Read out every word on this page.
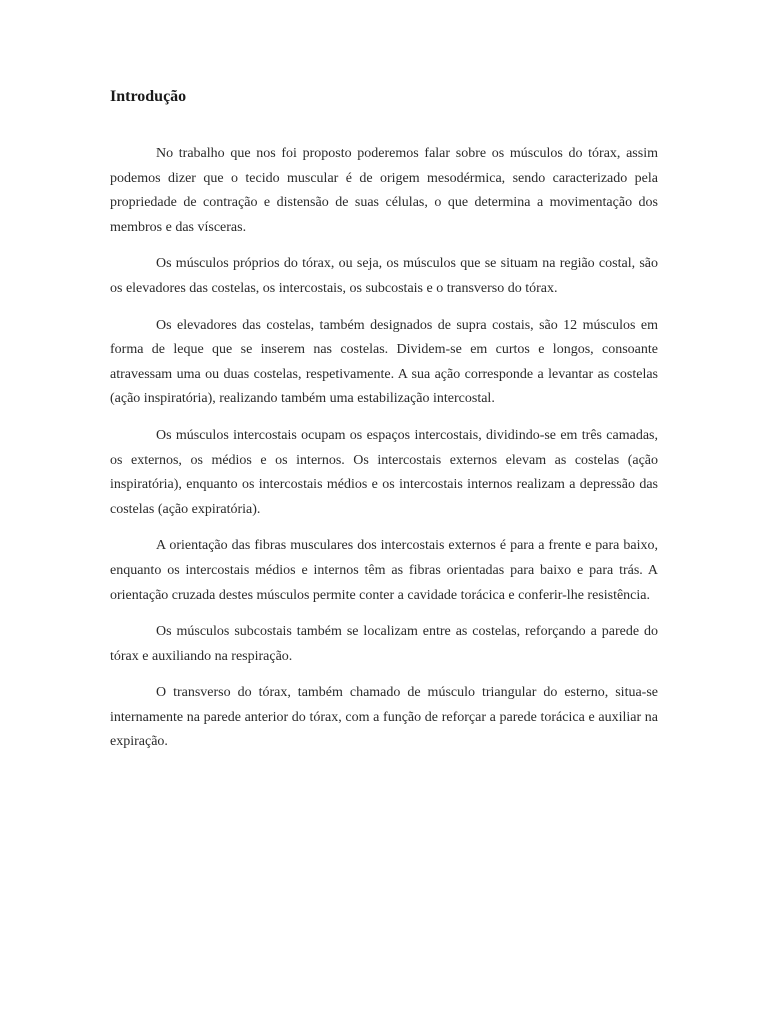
Introdução

No trabalho que nos foi proposto poderemos falar sobre os músculos do tórax, assim podemos dizer que o tecido muscular é de origem mesodérmica, sendo caracterizado pela propriedade de contração e distensão de suas células, o que determina a movimentação dos membros e das vísceras.

Os músculos próprios do tórax, ou seja, os músculos que se situam na região costal, são os elevadores das costelas, os intercostais, os subcostais e o transverso do tórax.

Os elevadores das costelas, também designados de supra costais, são 12 músculos em forma de leque que se inserem nas costelas. Dividem-se em curtos e longos, consoante atravessam uma ou duas costelas, respetivamente. A sua ação corresponde a levantar as costelas (ação inspiratória), realizando também uma estabilização intercostal.

Os músculos intercostais ocupam os espaços intercostais, dividindo-se em três camadas, os externos, os médios e os internos. Os intercostais externos elevam as costelas (ação inspiratória), enquanto os intercostais médios e os intercostais internos realizam a depressão das costelas (ação expiratória).

A orientação das fibras musculares dos intercostais externos é para a frente e para baixo, enquanto os intercostais médios e internos têm as fibras orientadas para baixo e para trás. A orientação cruzada destes músculos permite conter a cavidade torácica e conferir-lhe resistência.

Os músculos subcostais também se localizam entre as costelas, reforçando a parede do tórax e auxiliando na respiração.

O transverso do tórax, também chamado de músculo triangular do esterno, situa-se internamente na parede anterior do tórax, com a função de reforçar a parede torácica e auxiliar na expiração.
